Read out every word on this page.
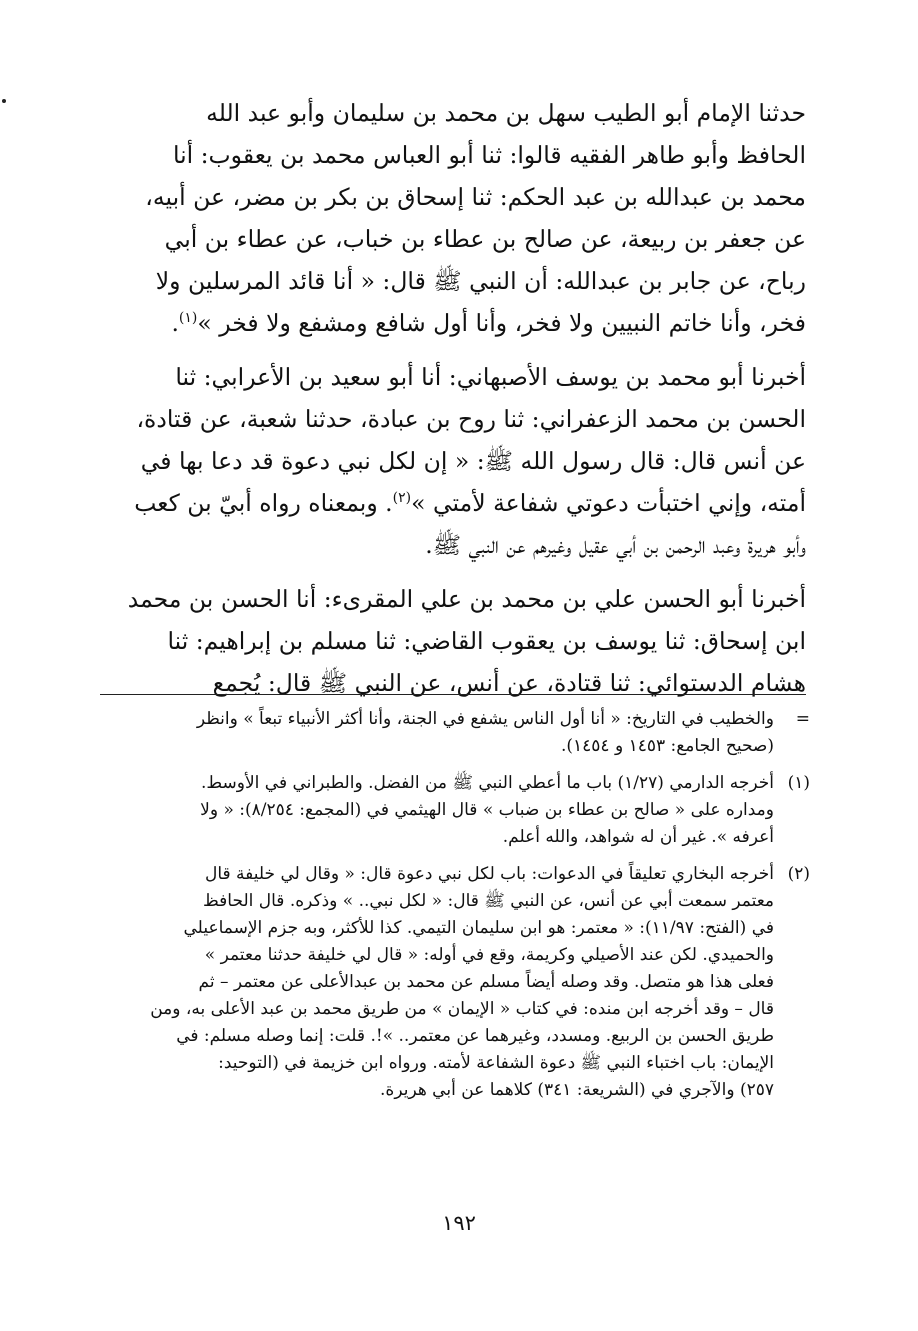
حدثنا الإمام أبو الطيب سهل بن محمد بن سليمان وأبو عبد الله
الحافظ وأبو طاهر الفقيه قالوا: ثنا أبو العباس محمد بن يعقوب: أنا
محمد بن عبدالله بن عبد الحكم: ثنا إسحاق بن بكر بن مضر، عن أبيه،
عن جعفر بن ربيعة، عن صالح بن عطاء بن خباب، عن عطاء بن أبي
رباح، عن جابر بن عبدالله: أن النبي ﷺ قال: « أنا قائد المرسلين ولا
فخر، وأنا خاتم النبيين ولا فخر، وأنا أول شافع ومشفع ولا فخر »$^{(١)}$.

أخبرنا أبو محمد بن يوسف الأصبهاني: أنا أبو سعيد بن الأعرابي: ثنا
الحسن بن محمد الزعفراني: ثنا روح بن عبادة، حدثنا شعبة، عن قتادة،
عن أنس قال: قال رسول الله ﷺ: « إن لكل نبي دعوة قد دعا بها في
أمته، وإني اختبأت دعوتي شفاعة لأمتي »$^{(٢)}$. وبمعناه رواه أبيّ بن كعب
وأبو هريرة وعبد الرحمن بن أبي عقيل وغيرهم عن النبي ﷺ.

أخبرنا أبو الحسن علي بن محمد بن علي المقرىء: أنا الحسن بن محمد
ابن إسحاق: ثنا يوسف بن يعقوب القاضي: ثنا مسلم بن إبراهيم: ثنا
هشام الدستوائي: ثنا قتادة، عن أنس، عن النبي ﷺ قال: يُجمع

=
والخطيب في التاريخ: « أنا أول الناس يشفع في الجنة، وأنا أكثر الأنبياء تبعاً » وانظر
(صحيح الجامع: ١٤٥٣ و ١٤٥٤).
(١)
أخرجه الدارمي (١/٢٧) باب ما أعطي النبي ﷺ من الفضل. والطبراني في الأوسط.
ومداره على « صالح بن عطاء بن ضباب » قال الهيثمي في (المجمع: ٨/٢٥٤): « ولا
أعرفه ». غير أن له شواهد، والله أعلم.
(٢)
أخرجه البخاري تعليقاً في الدعوات: باب لكل نبي دعوة قال: « وقال لي خليفة قال
معتمر سمعت أبي عن أنس، عن النبي ﷺ قال: « لكل نبي.. » وذكره. قال الحافظ
في (الفتح: ١١/٩٧): « معتمر: هو ابن سليمان التيمي. كذا للأكثر، وبه جزم الإسماعيلي
والحميدي. لكن عند الأصيلي وكريمة، وقع في أوله: « قال لي خليفة حدثنا معتمر »
فعلى هذا هو متصل. وقد وصله أيضاً مسلم عن محمد بن عبدالأعلى عن معتمر – ثم
قال – وقد أخرجه ابن منده: في كتاب « الإيمان » من طريق محمد بن عبد الأعلى به، ومن
طريق الحسن بن الربيع. ومسدد، وغيرهما عن معتمر.. »!. قلت: إنما وصله مسلم: في
الإيمان: باب اختباء النبي ﷺ دعوة الشفاعة لأمته. ورواه ابن خزيمة في (التوحيد:
٢٥٧) والآجري في (الشريعة: ٣٤١) كلاهما عن أبي هريرة.
١٩٢
